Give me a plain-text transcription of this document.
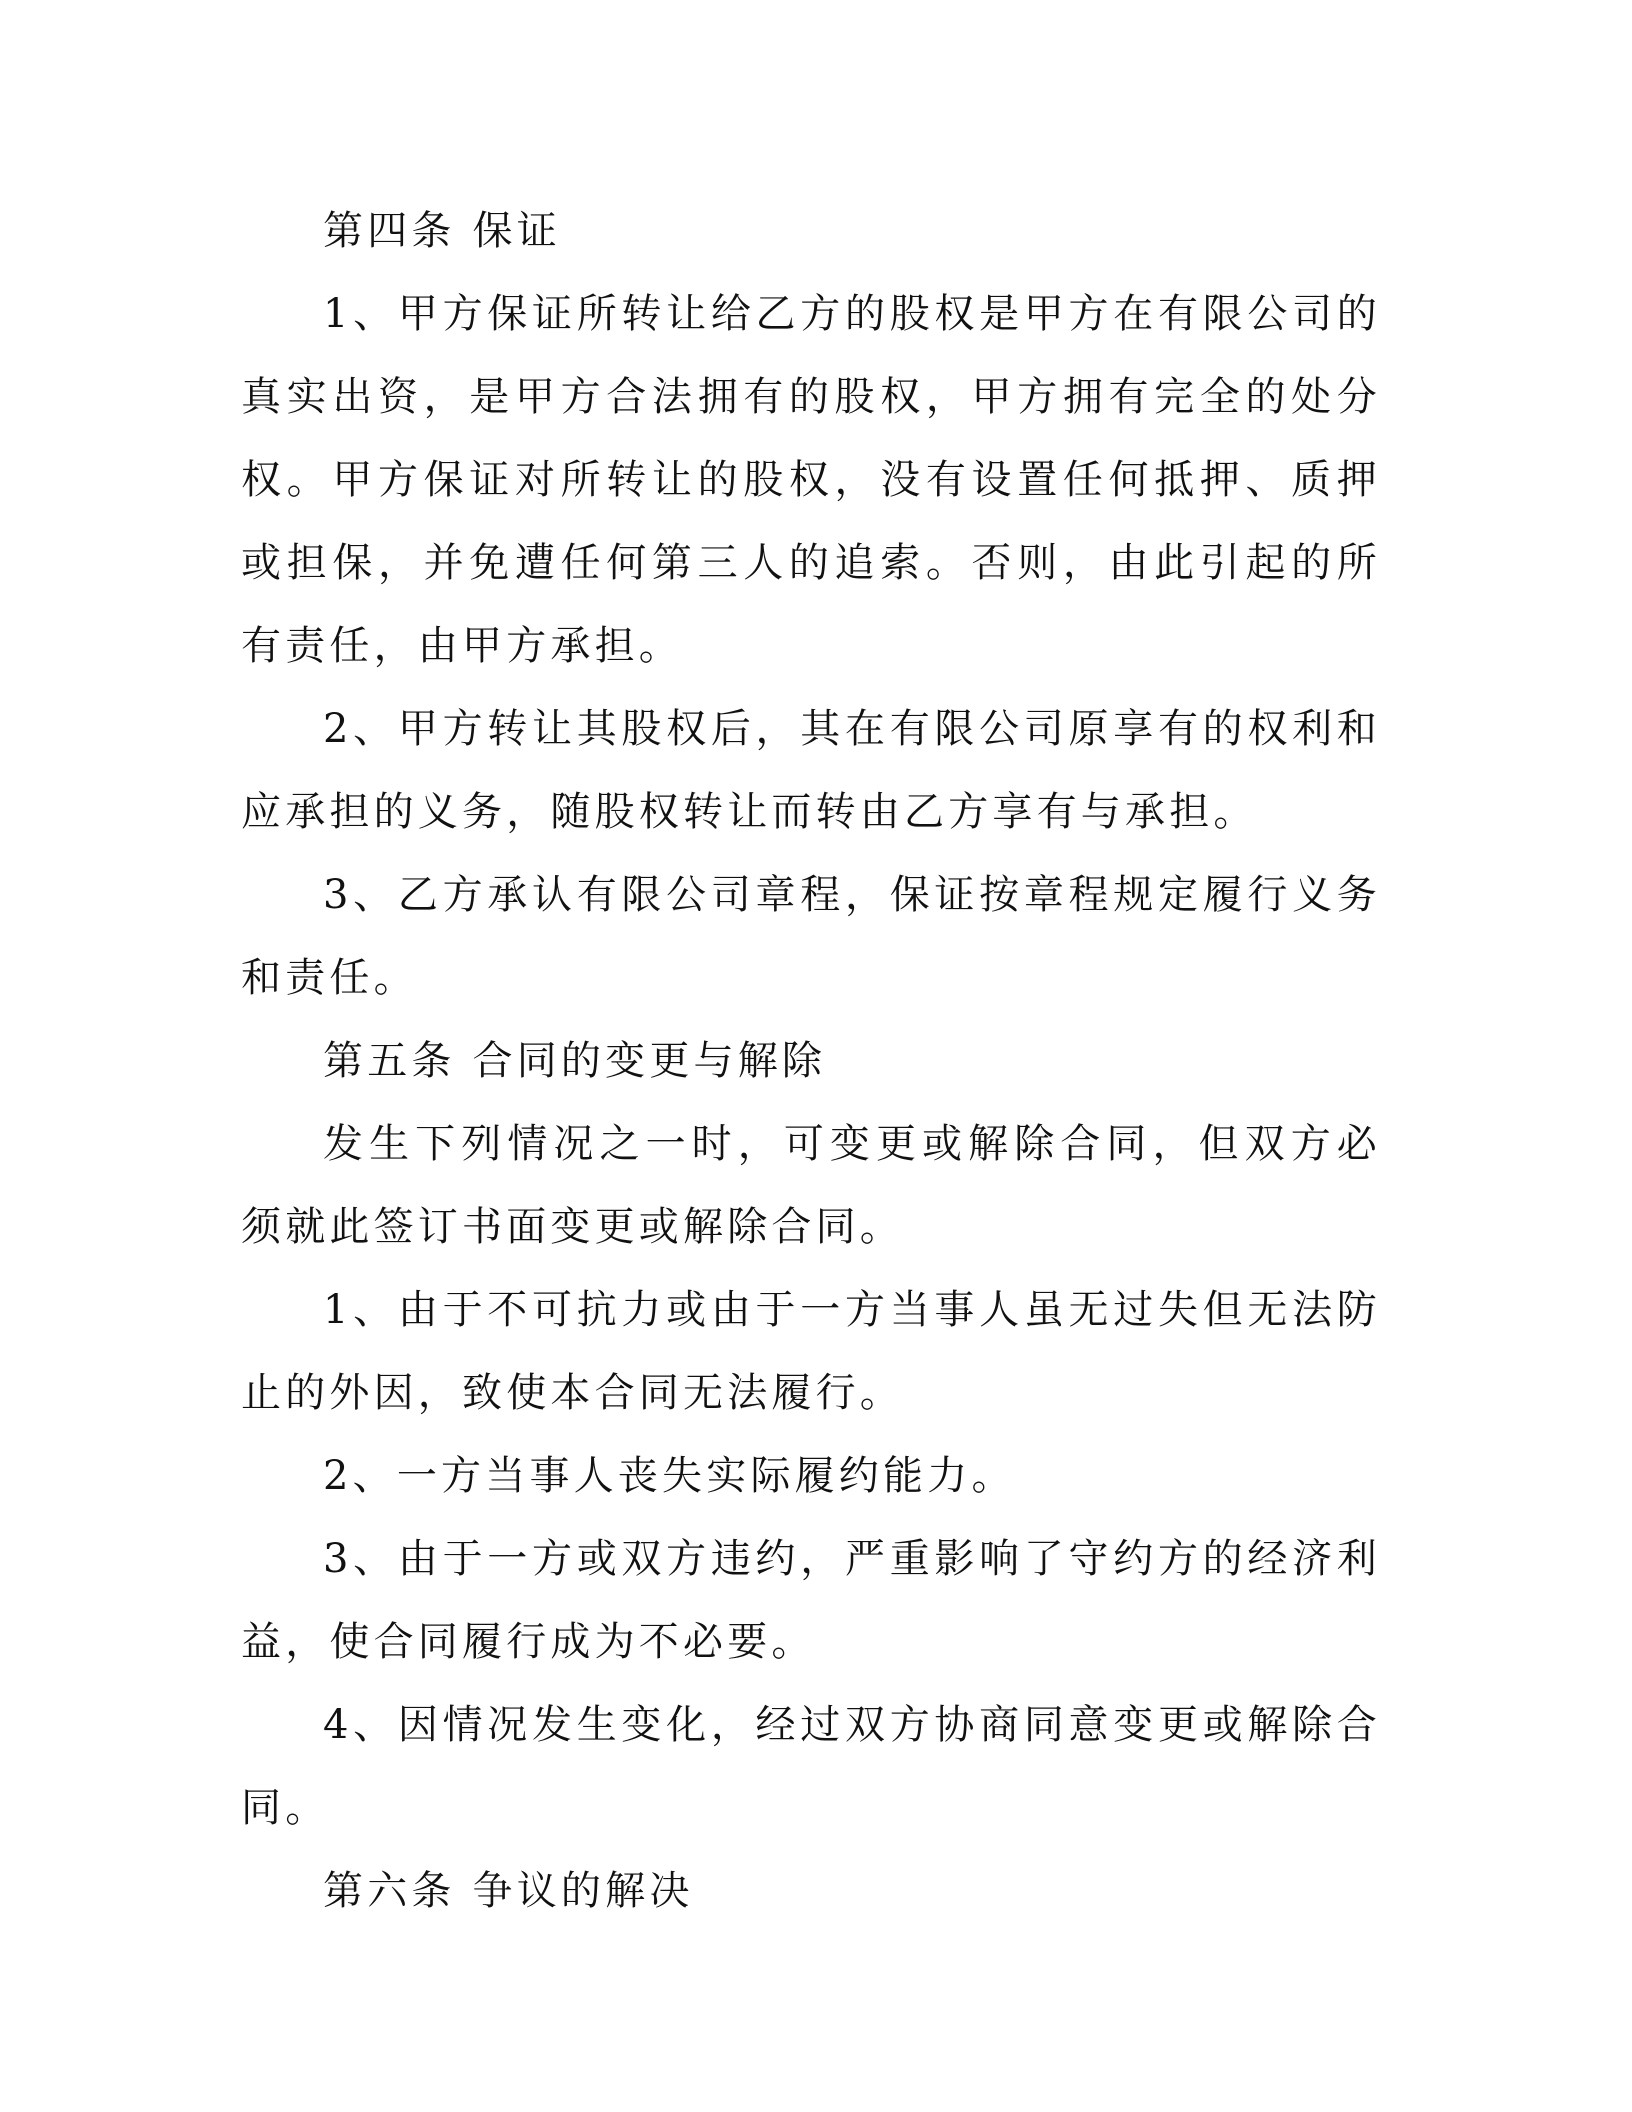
第四条 保证

1、甲方保证所转让给乙方的股权是甲方在有限公司的真实出资，是甲方合法拥有的股权，甲方拥有完全的处分权。甲方保证对所转让的股权，没有设置任何抵押、质押或担保，并免遭任何第三人的追索。否则，由此引起的所有责任，由甲方承担。

2、甲方转让其股权后，其在有限公司原享有的权利和应承担的义务，随股权转让而转由乙方享有与承担。

3、乙方承认有限公司章程，保证按章程规定履行义务和责任。

第五条 合同的变更与解除

发生下列情况之一时，可变更或解除合同，但双方必须就此签订书面变更或解除合同。

1、由于不可抗力或由于一方当事人虽无过失但无法防止的外因，致使本合同无法履行。

2、一方当事人丧失实际履约能力。

3、由于一方或双方违约，严重影响了守约方的经济利益，使合同履行成为不必要。

4、因情况发生变化，经过双方协商同意变更或解除合同。

第六条 争议的解决
